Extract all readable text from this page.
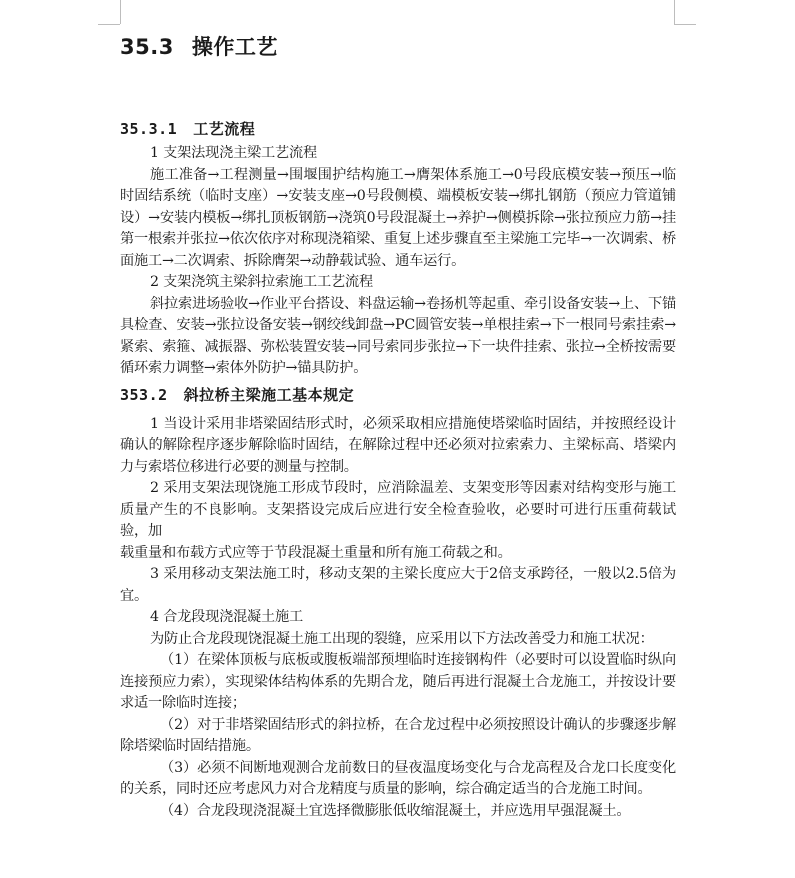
35.3 操作工艺
35.3.1 工艺流程

1 支架法现浇主梁工艺流程

施工准备→工程测量→围堰围护结构施工→膺架体系施工→0号段底模安装→预压→临时固结系统（临时支座）→安装支座→0号段侧模、端模板安装→绑扎钢筋（预应力管道铺设）→安装内模板→绑扎顶板钢筋→浇筑0号段混凝土→养护→侧模拆除→张拉预应力筋→挂第一根索并张拉→依次依序对称现浇箱梁、重复上述步骤直至主梁施工完毕→一次调索、桥面施工→二次调索、拆除膺架→动静载试验、通车运行。

2 支架浇筑主梁斜拉索施工工艺流程

斜拉索进场验收→作业平台搭设、料盘运输→卷扬机等起重、牵引设备安装→上、下锚具检查、安装→张拉设备安装→钢绞线卸盘→PC圆管安装→单根挂索→下一根同号索挂索→紧索、索箍、减振器、弥松装置安装→同号索同步张拉→下一块件挂索、张拉→全桥按需要循环索力调整→索体外防护→锚具防护。

353.2 斜拉桥主梁施工基本规定

1 当设计采用非塔梁固结形式时，必须采取相应措施使塔梁临时固结，并按照经设计确认的解除程序逐步解除临时固结，在解除过程中还必须对拉索索力、主梁标高、塔梁内力与索塔位移进行必要的测量与控制。

2 采用支架法现饶施工形成节段时，应消除温差、支架变形等因素对结构变形与施工质量产生的不良影响。支架搭设完成后应进行安全检查验收，必要时可进行压重荷载试验，加

载重量和布载方式应等于节段混凝土重量和所有施工荷载之和。

3 采用移动支架法施工时，移动支架的主梁长度应大于2倍支承跨径，一般以2.5倍为宜。

4 合龙段现浇混凝土施工

为防止合龙段现饶混凝土施工出现的裂缝，应采用以下方法改善受力和施工状况：

（1）在梁体顶板与底板或腹板端部预埋临时连接钢构件（必要时可以设置临时纵向连接预应力索），实现梁体结构体系的先期合龙，随后再进行混凝土合龙施工，并按设计要求适一除临时连接；

（2）对于非塔梁固结形式的斜拉桥，在合龙过程中必须按照设计确认的步骤逐步解除塔梁临时固结措施。

（3）必须不间断地观测合龙前数日的昼夜温度场变化与合龙高程及合龙口长度变化的关系，同时还应考虑风力对合龙精度与质量的影响，综合确定适当的合龙施工时间。

（4）合龙段现浇混凝土宜选择微膨胀低收缩混凝土，并应选用早强混凝土。
